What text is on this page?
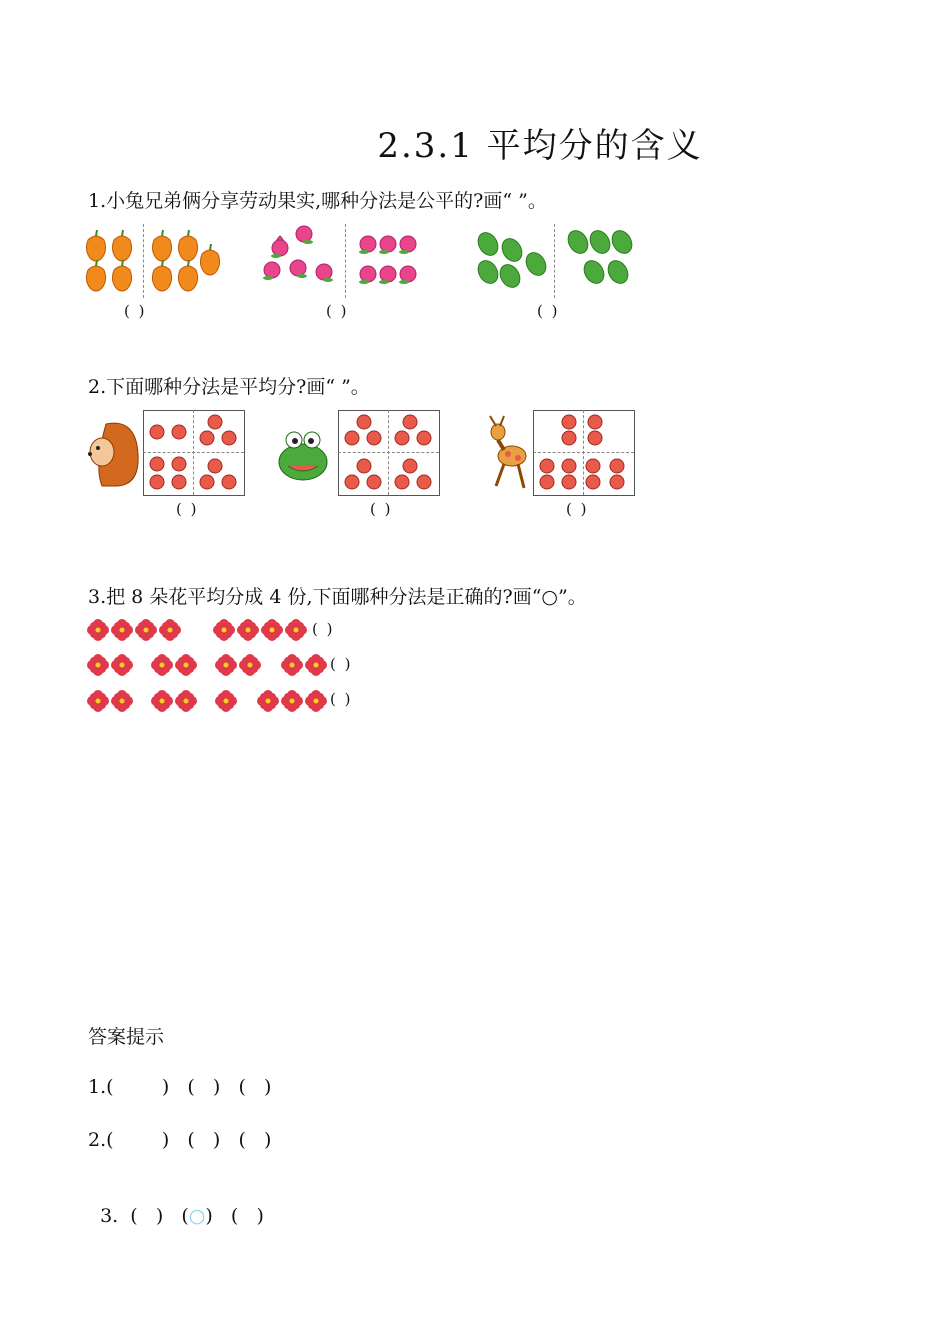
2.3.1 平均分的含义
1.小兔兄弟俩分享劳动果实,哪种分法是公平的?画“ ”。
( )	( )	( )
2.下面哪种分法是平均分?画“ ”。
( )	( )	( )
3.把 8 朵花平均分成 4 份,下面哪种分法是正确的?画“○”。
( )
( )
( )
答案提示
1.(        )   (   )   (   )
2.(        )   (   )   (   )

3.  (   )   (○)   (   )
